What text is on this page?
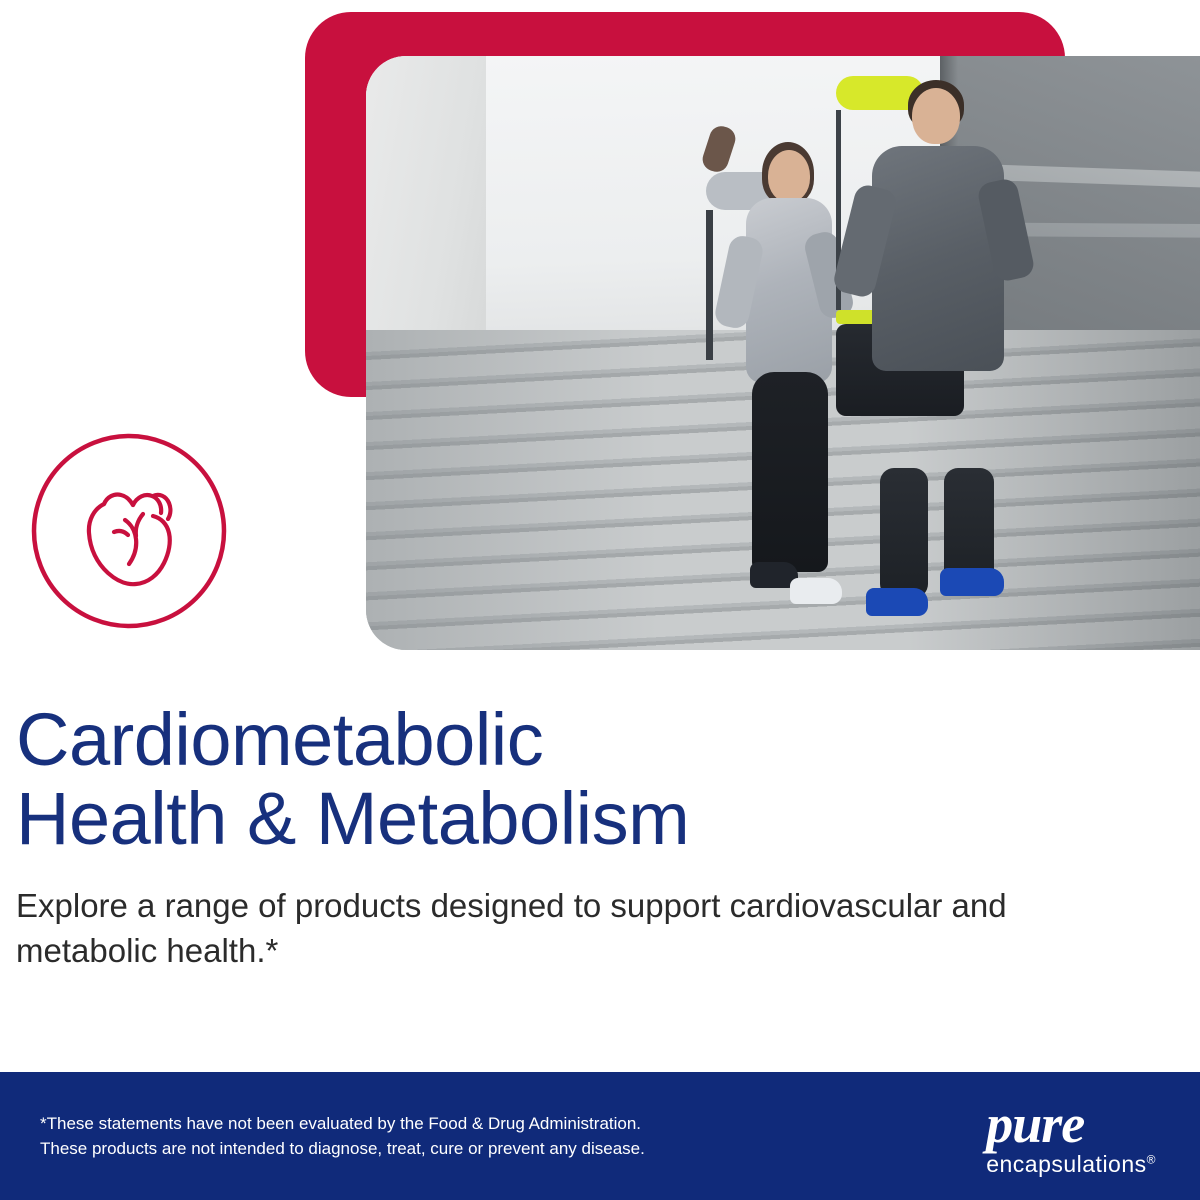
Cardiometabolic
Health & Metabolism

Explore a range of products designed to support cardiovascular and metabolic health.*

*These statements have not been evaluated by the Food & Drug Administration.
These products are not intended to diagnose, treat, cure or prevent any disease.	pure
encapsulations®
